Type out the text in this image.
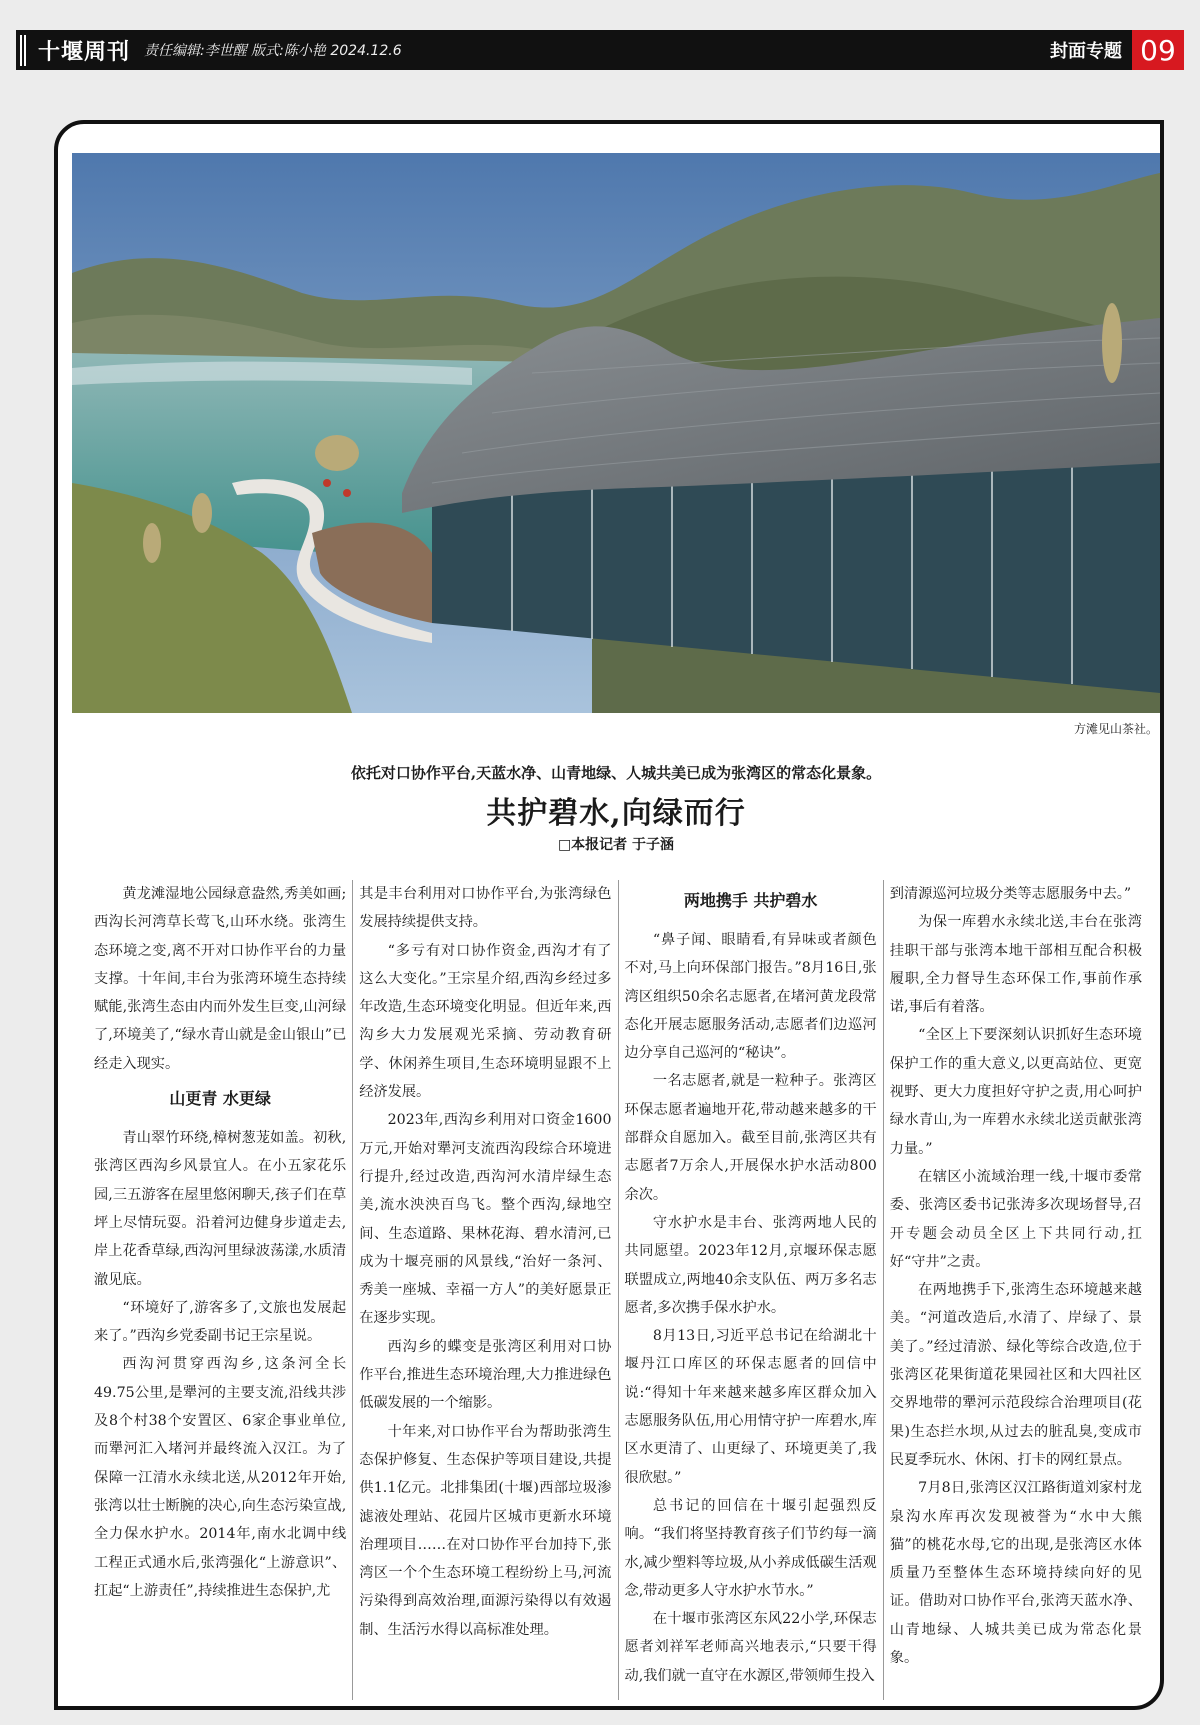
十堰周刊	责任编辑:李世醒 版式:陈小艳 2024.12.6	封面专题 09
方滩见山茶社。
依托对口协作平台,天蓝水净、山青地绿、人城共美已成为张湾区的常态化景象。
共护碧水,向绿而行
□本报记者 于子涵

黄龙滩湿地公园绿意盎然,秀美如画;西沟长河湾草长莺飞,山环水绕。张湾生态环境之变,离不开对口协作平台的力量支撑。十年间,丰台为张湾环境生态持续赋能,张湾生态由内而外发生巨变,山河绿了,环境美了,“绿水青山就是金山银山”已经走入现实。

山更青 水更绿

青山翠竹环绕,樟树葱茏如盖。初秋,张湾区西沟乡风景宜人。在小五家花乐园,三五游客在屋里悠闲聊天,孩子们在草坪上尽情玩耍。沿着河边健身步道走去,岸上花香草绿,西沟河里绿波荡漾,水质清澈见底。

“环境好了,游客多了,文旅也发展起来了。”西沟乡党委副书记王宗星说。

西沟河贯穿西沟乡,这条河全长49.75公里,是犟河的主要支流,沿线共涉及8个村38个安置区、6家企事业单位,而犟河汇入堵河并最终流入汉江。为了保障一江清水永续北送,从2012年开始,张湾以壮士断腕的决心,向生态污染宣战,全力保水护水。2014年,南水北调中线工程正式通水后,张湾强化“上游意识”、扛起“上游责任”,持续推进生态保护,尤

其是丰台利用对口协作平台,为张湾绿色发展持续提供支持。

“多亏有对口协作资金,西沟才有了这么大变化。”王宗星介绍,西沟乡经过多年改造,生态环境变化明显。但近年来,西沟乡大力发展观光采摘、劳动教育研学、休闲养生项目,生态环境明显跟不上经济发展。

2023年,西沟乡利用对口资金1600万元,开始对犟河支流西沟段综合环境进行提升,经过改造,西沟河水清岸绿生态美,流水泱泱百鸟飞。整个西沟,绿地空间、生态道路、果林花海、碧水清河,已成为十堰亮丽的风景线,“治好一条河、秀美一座城、幸福一方人”的美好愿景正在逐步实现。

西沟乡的蝶变是张湾区利用对口协作平台,推进生态环境治理,大力推进绿色低碳发展的一个缩影。

十年来,对口协作平台为帮助张湾生态保护修复、生态保护等项目建设,共提供1.1亿元。北排集团(十堰)西部垃圾渗滤液处理站、花园片区城市更新水环境治理项目……在对口协作平台加持下,张湾区一个个生态环境工程纷纷上马,河流污染得到高效治理,面源污染得以有效遏制、生活污水得以高标准处理。

两地携手 共护碧水

“鼻子闻、眼睛看,有异味或者颜色不对,马上向环保部门报告。”8月16日,张湾区组织50余名志愿者,在堵河黄龙段常态化开展志愿服务活动,志愿者们边巡河边分享自己巡河的“秘诀”。

一名志愿者,就是一粒种子。张湾区环保志愿者遍地开花,带动越来越多的干部群众自愿加入。截至目前,张湾区共有志愿者7万余人,开展保水护水活动800余次。

守水护水是丰台、张湾两地人民的共同愿望。2023年12月,京堰环保志愿联盟成立,两地40余支队伍、两万多名志愿者,多次携手保水护水。

8月13日,习近平总书记在给湖北十堰丹江口库区的环保志愿者的回信中说:“得知十年来越来越多库区群众加入志愿服务队伍,用心用情守护一库碧水,库区水更清了、山更绿了、环境更美了,我很欣慰。”

总书记的回信在十堰引起强烈反响。“我们将坚持教育孩子们节约每一滴水,减少塑料等垃圾,从小养成低碳生活观念,带动更多人守水护水节水。”

在十堰市张湾区东风22小学,环保志愿者刘祥军老师高兴地表示,“只要干得动,我们就一直守在水源区,带领师生投入

到清源巡河垃圾分类等志愿服务中去。”

为保一库碧水永续北送,丰台在张湾挂职干部与张湾本地干部相互配合积极履职,全力督导生态环保工作,事前作承诺,事后有着落。

“全区上下要深刻认识抓好生态环境保护工作的重大意义,以更高站位、更宽视野、更大力度担好守护之责,用心呵护绿水青山,为一库碧水永续北送贡献张湾力量。”

在辖区小流域治理一线,十堰市委常委、张湾区委书记张涛多次现场督导,召开专题会动员全区上下共同行动,扛好“守井”之责。

在两地携手下,张湾生态环境越来越美。“河道改造后,水清了、岸绿了、景美了。”经过清淤、绿化等综合改造,位于张湾区花果街道花果园社区和大四社区交界地带的犟河示范段综合治理项目(花果)生态拦水坝,从过去的脏乱臭,变成市民夏季玩水、休闲、打卡的网红景点。

7月8日,张湾区汉江路街道刘家村龙泉沟水库再次发现被誉为“水中大熊猫”的桃花水母,它的出现,是张湾区水体质量乃至整体生态环境持续向好的见证。借助对口协作平台,张湾天蓝水净、山青地绿、人城共美已成为常态化景象。
